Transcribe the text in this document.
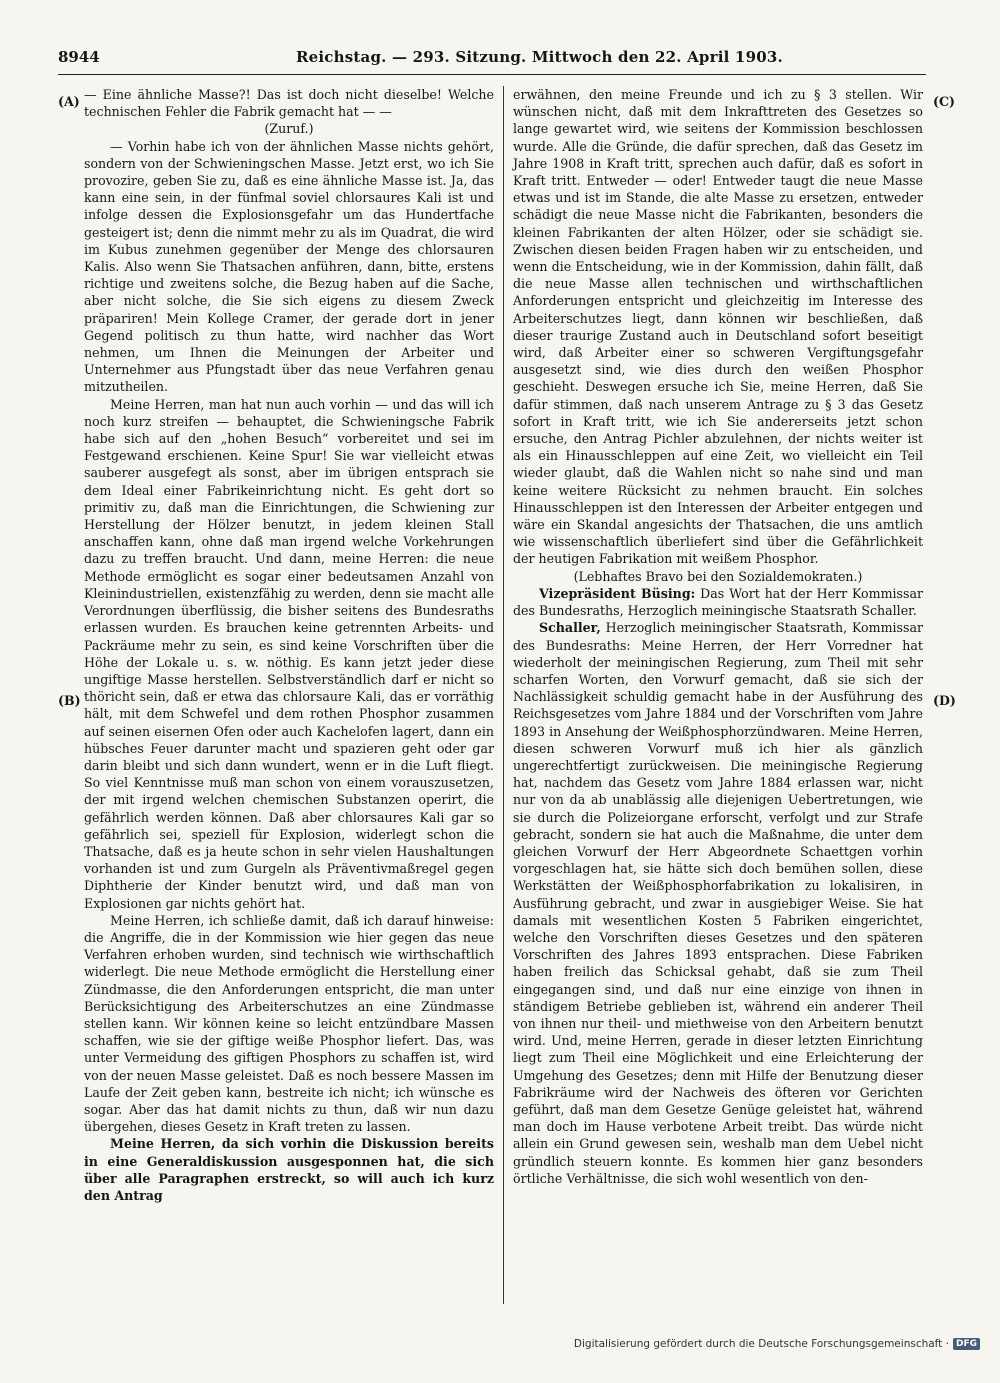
8944	Reichstag. — 293. Sitzung. Mittwoch den 22. April 1903.
(A)
(B)
(C)
(D)

— Eine ähnliche Masse?! Das ist doch nicht dieselbe! Welche technischen Fehler die Fabrik gemacht hat — —

(Zuruf.)

— Vorhin habe ich von der ähnlichen Masse nichts gehört, sondern von der Schwieningschen Masse. Jetzt erst, wo ich Sie provozire, geben Sie zu, daß es eine ähnliche Masse ist. Ja, das kann eine sein, in der fünfmal soviel chlorsaures Kali ist und infolge dessen die Explosionsgefahr um das Hundertfache gesteigert ist; denn die nimmt mehr zu als im Quadrat, die wird im Kubus zunehmen gegenüber der Menge des chlorsauren Kalis. Also wenn Sie Thatsachen anführen, dann, bitte, erstens richtige und zweitens solche, die Bezug haben auf die Sache, aber nicht solche, die Sie sich eigens zu diesem Zweck präpariren! Mein Kollege Cramer, der gerade dort in jener Gegend politisch zu thun hatte, wird nachher das Wort nehmen, um Ihnen die Meinungen der Arbeiter und Unternehmer aus Pfungstadt über das neue Verfahren genau mitzutheilen.

Meine Herren, man hat nun auch vorhin — und das will ich noch kurz streifen — behauptet, die Schwieningsche Fabrik habe sich auf den „hohen Besuch“ vorbereitet und sei im Festgewand erschienen. Keine Spur! Sie war vielleicht etwas sauberer ausgefegt als sonst, aber im übrigen entsprach sie dem Ideal einer Fabrikeinrichtung nicht. Es geht dort so primitiv zu, daß man die Einrichtungen, die Schwiening zur Herstellung der Hölzer benutzt, in jedem kleinen Stall anschaffen kann, ohne daß man irgend welche Vorkehrungen dazu zu treffen braucht. Und dann, meine Herren: die neue Methode ermöglicht es sogar einer bedeutsamen Anzahl von Kleinindustriellen, existenzfähig zu werden, denn sie macht alle Verordnungen überflüssig, die bisher seitens des Bundesraths erlassen wurden. Es brauchen keine getrennten Arbeits- und Packräume mehr zu sein, es sind keine Vorschriften über die Höhe der Lokale u. s. w. nöthig. Es kann jetzt jeder diese ungiftige Masse herstellen. Selbstverständlich darf er nicht so thöricht sein, daß er etwa das chlorsaure Kali, das er vorräthig hält, mit dem Schwefel und dem rothen Phosphor zusammen auf seinen eisernen Ofen oder auch Kachelofen lagert, dann ein hübsches Feuer darunter macht und spazieren geht oder gar darin bleibt und sich dann wundert, wenn er in die Luft fliegt. So viel Kenntnisse muß man schon von einem vorauszusetzen, der mit irgend welchen chemischen Substanzen operirt, die gefährlich werden können. Daß aber chlorsaures Kali gar so gefährlich sei, speziell für Explosion, widerlegt schon die Thatsache, daß es ja heute schon in sehr vielen Haushaltungen vorhanden ist und zum Gurgeln als Präventivmaßregel gegen Diphtherie der Kinder benutzt wird, und daß man von Explosionen gar nichts gehört hat.

Meine Herren, ich schließe damit, daß ich darauf hinweise: die Angriffe, die in der Kommission wie hier gegen das neue Verfahren erhoben wurden, sind technisch wie wirthschaftlich widerlegt. Die neue Methode ermöglicht die Herstellung einer Zündmasse, die den Anforderungen entspricht, die man unter Berücksichtigung des Arbeiterschutzes an eine Zündmasse stellen kann. Wir können keine so leicht entzündbare Massen schaffen, wie sie der giftige weiße Phosphor liefert. Das, was unter Vermeidung des giftigen Phosphors zu schaffen ist, wird von der neuen Masse geleistet. Daß es noch bessere Massen im Laufe der Zeit geben kann, bestreite ich nicht; ich wünsche es sogar. Aber das hat damit nichts zu thun, daß wir nun dazu übergehen, dieses Gesetz in Kraft treten zu lassen.

Meine Herren, da sich vorhin die Diskussion bereits in eine Generaldiskussion ausgesponnen hat, die sich über alle Paragraphen erstreckt, so will auch ich kurz den Antrag

erwähnen, den meine Freunde und ich zu § 3 stellen. Wir wünschen nicht, daß mit dem Inkrafttreten des Gesetzes so lange gewartet wird, wie seitens der Kommission beschlossen wurde. Alle die Gründe, die dafür sprechen, daß das Gesetz im Jahre 1908 in Kraft tritt, sprechen auch dafür, daß es sofort in Kraft tritt. Entweder — oder! Entweder taugt die neue Masse etwas und ist im Stande, die alte Masse zu ersetzen, entweder schädigt die neue Masse nicht die Fabrikanten, besonders die kleinen Fabrikanten der alten Hölzer, oder sie schädigt sie. Zwischen diesen beiden Fragen haben wir zu entscheiden, und wenn die Entscheidung, wie in der Kommission, dahin fällt, daß die neue Masse allen technischen und wirthschaftlichen Anforderungen entspricht und gleichzeitig im Interesse des Arbeiterschutzes liegt, dann können wir beschließen, daß dieser traurige Zustand auch in Deutschland sofort beseitigt wird, daß Arbeiter einer so schweren Vergiftungsgefahr ausgesetzt sind, wie dies durch den weißen Phosphor geschieht. Deswegen ersuche ich Sie, meine Herren, daß Sie dafür stimmen, daß nach unserem Antrage zu § 3 das Gesetz sofort in Kraft tritt, wie ich Sie andererseits jetzt schon ersuche, den Antrag Pichler abzulehnen, der nichts weiter ist als ein Hinausschleppen auf eine Zeit, wo vielleicht ein Teil wieder glaubt, daß die Wahlen nicht so nahe sind und man keine weitere Rücksicht zu nehmen braucht. Ein solches Hinausschleppen ist den Interessen der Arbeiter entgegen und wäre ein Skandal angesichts der Thatsachen, die uns amtlich wie wissenschaftlich überliefert sind über die Gefährlichkeit der heutigen Fabrikation mit weißem Phosphor.

(Lebhaftes Bravo bei den Sozialdemokraten.)

Vizepräsident Büsing: Das Wort hat der Herr Kommissar des Bundesraths, Herzoglich meiningische Staatsrath Schaller.

Schaller, Herzoglich meiningischer Staatsrath, Kommissar des Bundesraths: Meine Herren, der Herr Vorredner hat wiederholt der meiningischen Regierung, zum Theil mit sehr scharfen Worten, den Vorwurf gemacht, daß sie sich der Nachlässigkeit schuldig gemacht habe in der Ausführung des Reichsgesetzes vom Jahre 1884 und der Vorschriften vom Jahre 1893 in Ansehung der Weißphosphorzündwaren. Meine Herren, diesen schweren Vorwurf muß ich hier als gänzlich ungerechtfertigt zurückweisen. Die meiningische Regierung hat, nachdem das Gesetz vom Jahre 1884 erlassen war, nicht nur von da ab unablässig alle diejenigen Uebertretungen, wie sie durch die Polizeiorgane erforscht, verfolgt und zur Strafe gebracht, sondern sie hat auch die Maßnahme, die unter dem gleichen Vorwurf der Herr Abgeordnete Schaettgen vorhin vorgeschlagen hat, sie hätte sich doch bemühen sollen, diese Werkstätten der Weißphosphorfabrikation zu lokalisiren, in Ausführung gebracht, und zwar in ausgiebiger Weise. Sie hat damals mit wesentlichen Kosten 5 Fabriken eingerichtet, welche den Vorschriften dieses Gesetzes und den späteren Vorschriften des Jahres 1893 entsprachen. Diese Fabriken haben freilich das Schicksal gehabt, daß sie zum Theil eingegangen sind, und daß nur eine einzige von ihnen in ständigem Betriebe geblieben ist, während ein anderer Theil von ihnen nur theil- und miethweise von den Arbeitern benutzt wird. Und, meine Herren, gerade in dieser letzten Einrichtung liegt zum Theil eine Möglichkeit und eine Erleichterung der Umgehung des Gesetzes; denn mit Hilfe der Benutzung dieser Fabrikräume wird der Nachweis des öfteren vor Gerichten geführt, daß man dem Gesetze Genüge geleistet hat, während man doch im Hause verbotene Arbeit treibt. Das würde nicht allein ein Grund gewesen sein, weshalb man dem Uebel nicht gründlich steuern konnte. Es kommen hier ganz besonders örtliche Verhältnisse, die sich wohl wesentlich von den-

Digitalisierung gefördert durch die Deutsche Forschungsgemeinschaft · DFG
